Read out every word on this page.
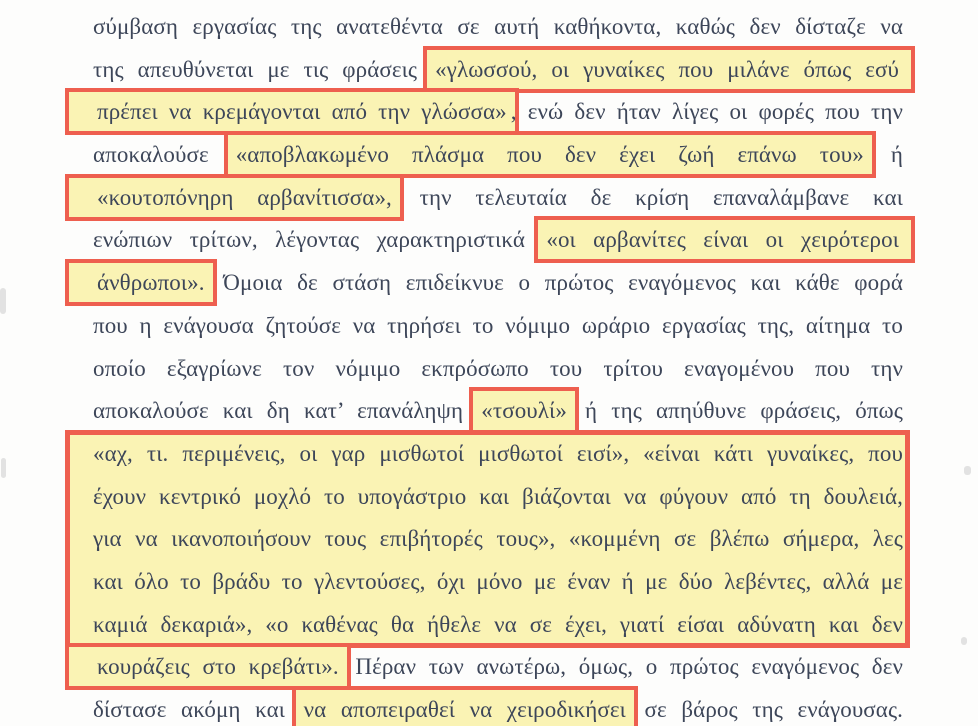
σύμβαση εργασίας της ανατεθέντα σε αυτή καθήκοντα, καθώς δεν δίσταζε να
της απευθύνεται με τις φράσεις «γλωσσού, οι γυναίκες που μιλάνε όπως εσύ
πρέπει να κρεμάγονται από την γλώσσα» , ενώ δεν ήταν λίγες οι φορές που την
αποκαλούσε «αποβλακωμένο πλάσμα που δεν έχει ζωή επάνω του» ή
«κουτοπόνηρη αρβανίτισσα», την τελευταία δε κρίση επαναλάμβανε και
ενώπιων τρίτων, λέγοντας χαρακτηριστικά «οι αρβανίτες είναι οι χειρότεροι
άνθρωποι». Όμοια δε στάση επιδείκνυε ο πρώτος εναγόμενος και κάθε φορά
που η ενάγουσα ζητούσε να τηρήσει το νόμιμο ωράριο εργασίας της, αίτημα το
οποίο εξαγρίωνε τον νόμιμο εκπρόσωπο του τρίτου εναγομένου που την
αποκαλούσε και δη κατ’ επανάληψη «τσουλί» ή της απηύθυνε φράσεις, όπως
«αχ, τι. περιμένεις, οι γαρ μισθωτοί μισθωτοί εισί», «είναι κάτι γυναίκες, που
έχουν κεντρικό μοχλό το υπογάστριο και βιάζονται να φύγουν από τη δουλειά,
για να ικανοποιήσουν τους επιβήτορές τους», «κομμένη σε βλέπω σήμερα, λες
και όλο το βράδυ το γλεντούσες, όχι μόνο με έναν ή με δύο λεβέντες, αλλά με
καμιά δεκαριά», «ο καθένας θα ήθελε να σε έχει, γιατί είσαι αδύνατη και δεν
κουράζεις στο κρεβάτι». Πέραν των ανωτέρω, όμως, ο πρώτος εναγόμενος δεν
δίστασε ακόμη και να αποπειραθεί να χειροδικήσει σε βάρος της ενάγουσας.
